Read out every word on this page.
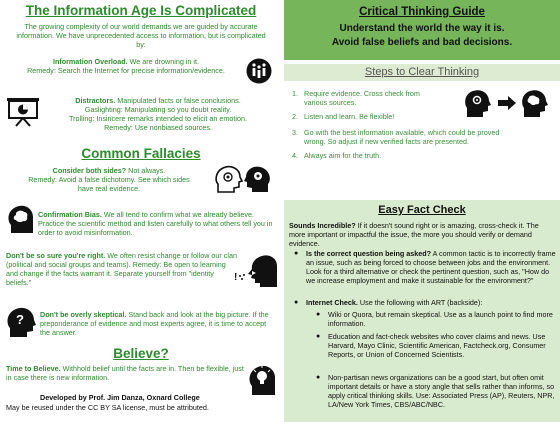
The Information Age Is Complicated
The growing complexity of our world demands we are guided by accurate information. We have unprecedented access to information, but is complicated by:
Information Overload. We are drowning in it.
Remedy: Search the Internet for precise information/evidence.
Distractors. Manipulated facts or false conclusions.
Gaslighting: Manipulating so you doubt reality.
Trolling: Insincere remarks intended to elicit an emotion.
Remedy: Use nonbiased sources.
Common Fallacies
Consider both sides? Not always.
Remedy: Avoid a false dichotomy. See which sides
have real evidence.
Confirmation Bias. We all tend to confirm what we already believe. Practice the scientific method and listen carefully to what others tell you in order to avoid misinformation.
Don't be so sure you're right. We often resist change or follow our clan (political and social groups and teams). Remedy: Be open to learning and change if the facts warrant it. Separate yourself from "identity beliefs."	!
? Don't be overly skeptical. Stand back and look at the big picture. If the preponderance of evidence and most experts agree, it is time to accept the answer.
Believe?
Time to Believe. Withhold belief until the facts are in. Then be flexible, just in case there is new information.
Developed by Prof. Jim Danza, Oxnard College
May be reused under the CC BY SA license, must be attributed.
Critical Thinking Guide
Understand the world the way it is.
Avoid false beliefs and bad decisions.
Steps to Clear Thinking
1. Require evidence. Cross check from
various sources.
2. Listen and learn. Be flexible!
3. Go with the best information available, which could be proved
wrong. So adjust if new verified facts are presented.
4. Always aim for the truth.
Easy Fact Check
Sounds Incredible? If it doesn't sound right or is amazing, cross-check it. The more important or impactful the issue, the more you should verify or demand evidence.
● Is the correct question being asked? A common tactic is to incorrectly frame an issue, such as being forced to choose between jobs and the environment. Look for a third alternative or check the pertinent question, such as, "How do we increase employment and make it sustainable for the environment?"
● Internet Check. Use the following with ART (backside):
● Wiki or Quora, but remain skeptical. Use as a launch point to find more information.
● Education and fact-check websites who cover claims and news. Use Harvard, Mayo Clinic, Scientific American, Factcheck.org, Consumer Reports, or Union of Concerned Scientists.
● Non-partisan news organizations can be a good start, but often omit important details or have a story angle that sells rather than informs, so apply critical thinking skills. Use: Associated Press (AP), Reuters, NPR, LA/New York Times, CBS/ABC/NBC.
